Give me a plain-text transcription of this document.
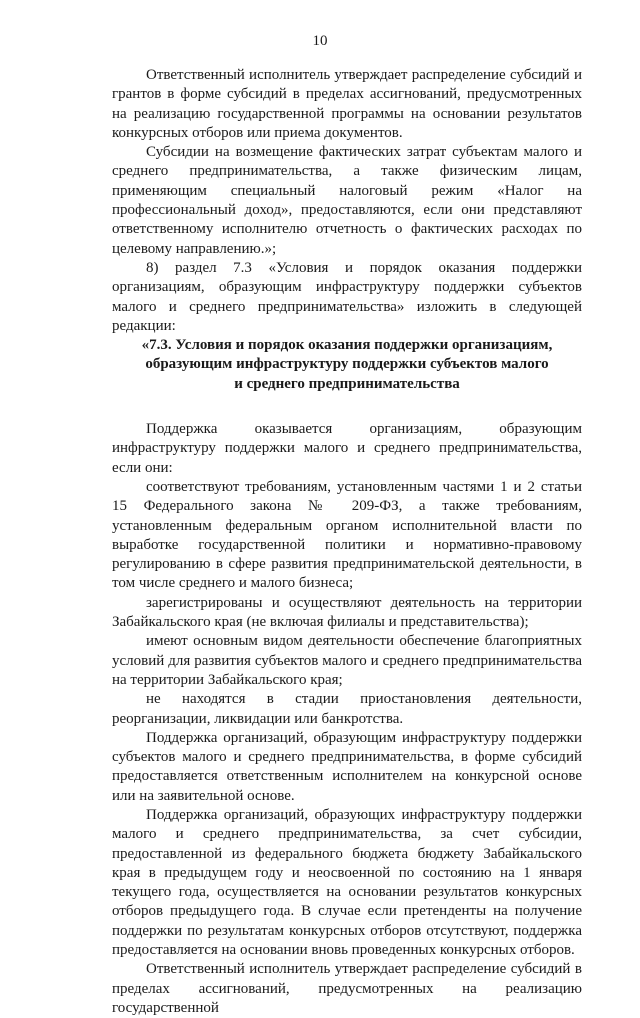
10

Ответственный исполнитель утверждает распределение субсидий и грантов в форме субсидий в пределах ассигнований, предусмотренных на реализацию государственной программы на основании результатов конкурсных отборов или приема документов.

Субсидии на возмещение фактических затрат субъектам малого и среднего предпринимательства, а также физическим лицам, применяющим специальный налоговый режим «Налог на профессиональный доход», предоставляются, если они представляют ответственному исполнителю отчетность о фактических расходах по целевому направлению.»;

8) раздел 7.3 «Условия и порядок оказания поддержки организациям, образующим инфраструктуру поддержки субъектов малого и среднего предпринимательства» изложить в следующей редакции:

«7.3. Условия и порядок оказания поддержки организациям,
образующим инфраструктуру поддержки субъектов малого
и среднего предпринимательства

Поддержка оказывается организациям, образующим инфраструктуру поддержки малого и среднего предпринимательства, если они:

соответствуют требованиям, установленным частями 1 и 2 статьи 15 Федерального закона № 209-ФЗ, а также требованиям, установленным федеральным органом исполнительной власти по выработке государственной политики и нормативно-правовому регулированию в сфере развития предпринимательской деятельности, в том числе среднего и малого бизнеса;

зарегистрированы и осуществляют деятельность на территории Забайкальского края (не включая филиалы и представительства);

имеют основным видом деятельности обеспечение благоприятных условий для развития субъектов малого и среднего предпринимательства на территории Забайкальского края;

не находятся в стадии приостановления деятельности, реорганизации, ликвидации или банкротства.

Поддержка организаций, образующим инфраструктуру поддержки субъектов малого и среднего предпринимательства, в форме субсидий предоставляется ответственным исполнителем на конкурсной основе или на заявительной основе.

Поддержка организаций, образующих инфраструктуру поддержки малого и среднего предпринимательства, за счет субсидии, предоставленной из федерального бюджета бюджету Забайкальского края в предыдущем году и неосвоенной по состоянию на 1 января текущего года, осуществляется на основании результатов конкурсных отборов предыдущего года. В случае если претенденты на получение поддержки по результатам конкурсных отборов отсутствуют, поддержка предоставляется на основании вновь проведенных конкурсных отборов.

Ответственный исполнитель утверждает распределение субсидий в пределах ассигнований, предусмотренных на реализацию государственной
